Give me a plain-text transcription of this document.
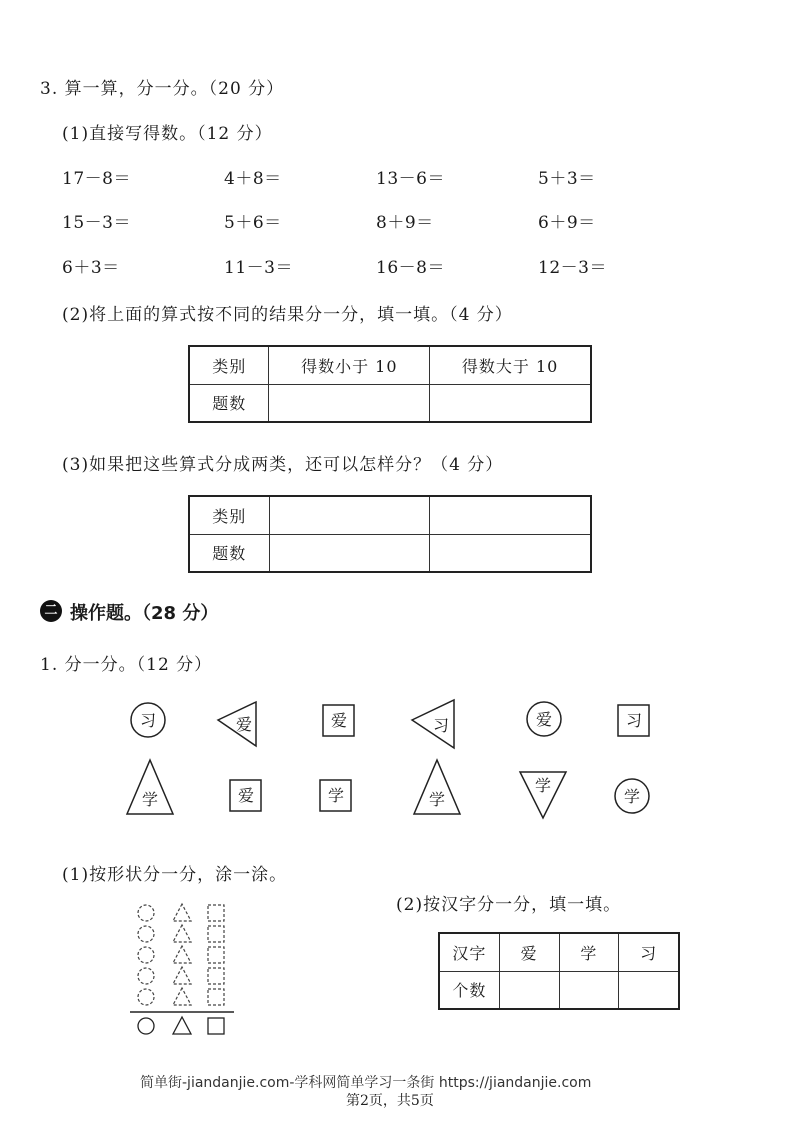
3. 算一算，分一分。（20 分）
(1)直接写得数。（12 分）
17－8＝	4＋8＝	13－6＝	5＋3＝
15－3＝	5＋6＝	8＋9＝	6＋9＝
6＋3＝	11－3＝	16－8＝	12－3＝
(2)将上面的算式按不同的结果分一分，填一填。（4 分）
类别	得数小于 10	得数大于 10
题数		
(3)如果把这些算式分成两类，还可以怎样分？（4 分）
类别		
题数		
二 操作题。（28 分）
1. 分一分。（12 分）
习	爱	爱	习	爱	习
学	爱	学	学
学
学
(1)按形状分一分，涂一涂。
(2)按汉字分一分，填一填。
汉字	爱	学	习
个数			
简单街-jiandanjie.com-学科网简单学习一条街 https://jiandanjie.com
第2页，共5页
